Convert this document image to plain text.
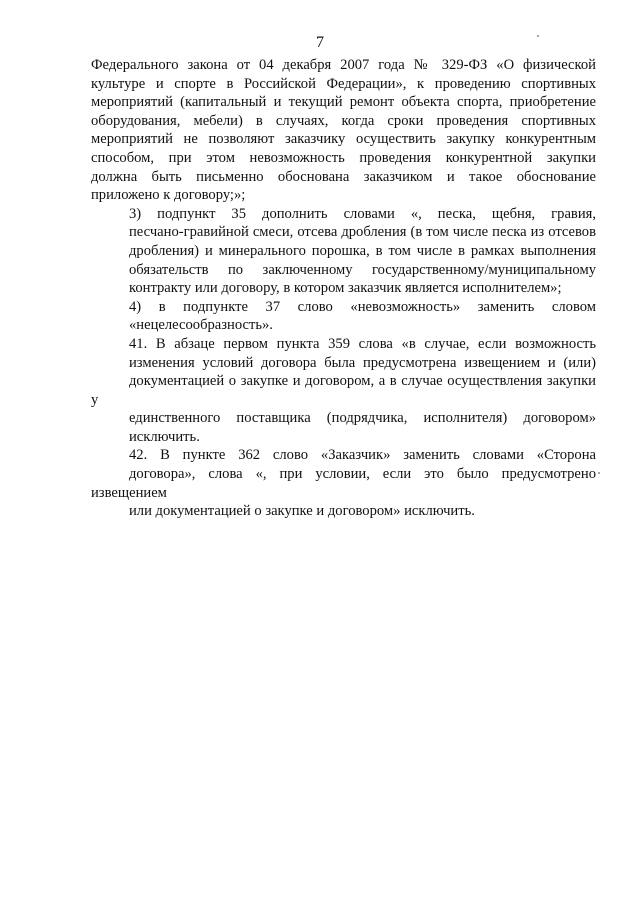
7

Федерального закона от 04 декабря 2007 года № 329-ФЗ «О физической
культуре и спорте в Российской Федерации», к проведению спортивных
мероприятий (капитальный и текущий ремонт объекта спорта, приобретение
оборудования, мебели) в случаях, когда сроки проведения спортивных
мероприятий не позволяют заказчику осуществить закупку конкурентным
способом, при этом невозможность проведения конкурентной закупки
должна быть письменно обоснована заказчиком и такое обоснование
приложено к договору;»;

3) подпункт 35 дополнить словами «, песка, щебня, гравия,
песчано-гравийной смеси, отсева дробления (в том числе песка из отсевов
дробления) и минерального порошка, в том числе в рамках выполнения
обязательств по заключенному государственному/муниципальному
контракту или договору, в котором заказчик является исполнителем»;

4) в подпункте 37 слово «невозможность» заменить словом
«нецелесообразность».

41. В абзаце первом пункта 359 слова «в случае, если возможность
изменения условий договора была предусмотрена извещением и (или)
документацией о закупке и договором, а в случае осуществления закупки у
единственного поставщика (подрядчика, исполнителя) договором»
исключить.

42. В пункте 362 слово «Заказчик» заменить словами «Сторона
договора», слова «, при условии, если это было предусмотрено извещением
или документацией о закупке и договором» исключить.
